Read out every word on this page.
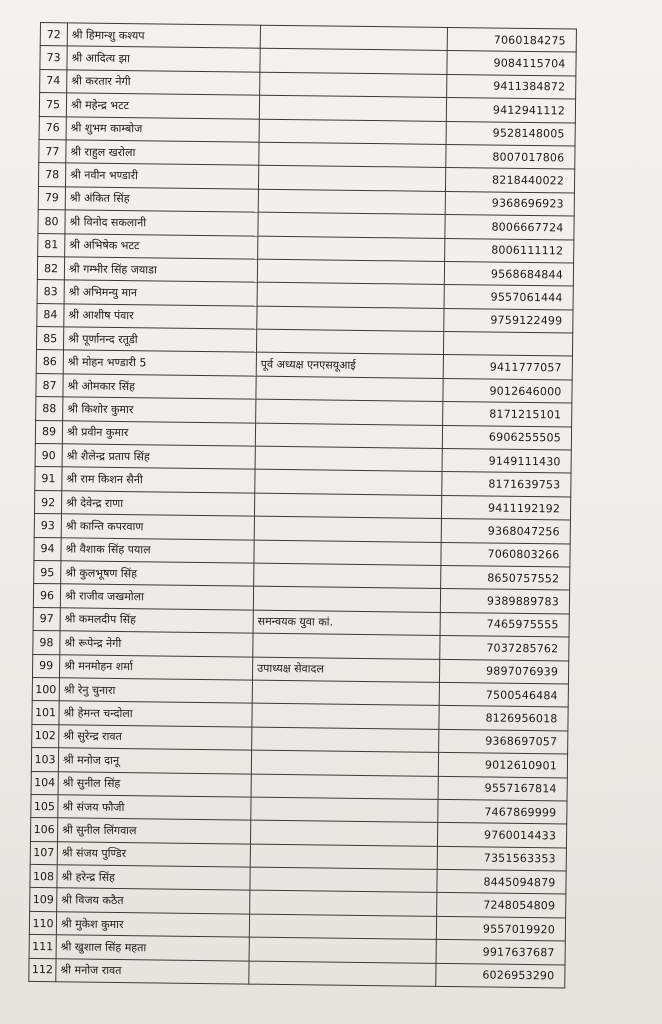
72	श्री हिमान्शु कश्यप		7060184275
73	श्री आदित्य झा		9084115704
74	श्री करतार नेगी		9411384872
75	श्री महेन्द्र भटट		9412941112
76	श्री शुभम काम्बोज		9528148005
77	श्री राहुल खरोला		8007017806
78	श्री नवीन भण्डारी		8218440022
79	श्री अंकित सिंह		9368696923
80	श्री विनोद सकलानी		8006667724
81	श्री अभिषेक भटट		8006111112
82	श्री गम्भीर सिंह जयाडा		9568684844
83	श्री अभिमन्यु मान		9557061444
84	श्री आशीष पंवार		9759122499
85	श्री पूर्णानन्द रतूडी		
86	श्री मोहन भण्डारी 5	पूर्व अध्यक्ष एनएसयूआई	9411777057
87	श्री ओमकार सिंह		9012646000
88	श्री किशोर कुमार		8171215101
89	श्री प्रवीन कुमार		6906255505
90	श्री शैलेन्द्र प्रताप सिंह		9149111430
91	श्री राम किशन सैनी		8171639753
92	श्री देवेन्द्र राणा		9411192192
93	श्री कान्ति कपरवाण		9368047256
94	श्री वैशाक सिंह पयाल		7060803266
95	श्री कुलभूषण सिंह		8650757552
96	श्री राजीव जखमोला		9389889783
97	श्री कमलदीप सिंह	समन्वयक युवा कां.	7465975555
98	श्री रूपेन्द्र नेगी		7037285762
99	श्री मनमोहन शर्मा	उपाध्यक्ष सेवादल	9897076939
100	श्री रेनु चुनारा		7500546484
101	श्री हेमन्त चन्दोला		8126956018
102	श्री सुरेन्द्र रावत		9368697057
103	श्री मनोज दानू		9012610901
104	श्री सुनील सिंह		9557167814
105	श्री संजय फौजी		7467869999
106	श्री सुनील लिंगवाल		9760014433
107	श्री संजय पुण्डिर		7351563353
108	श्री हरेन्द्र सिंह		8445094879
109	श्री विजय कठैत		7248054809
110	श्री मुकेश कुमार		9557019920
111	श्री खुशाल सिंह महता		9917637687
112	श्री मनोज रावत		6026953290
